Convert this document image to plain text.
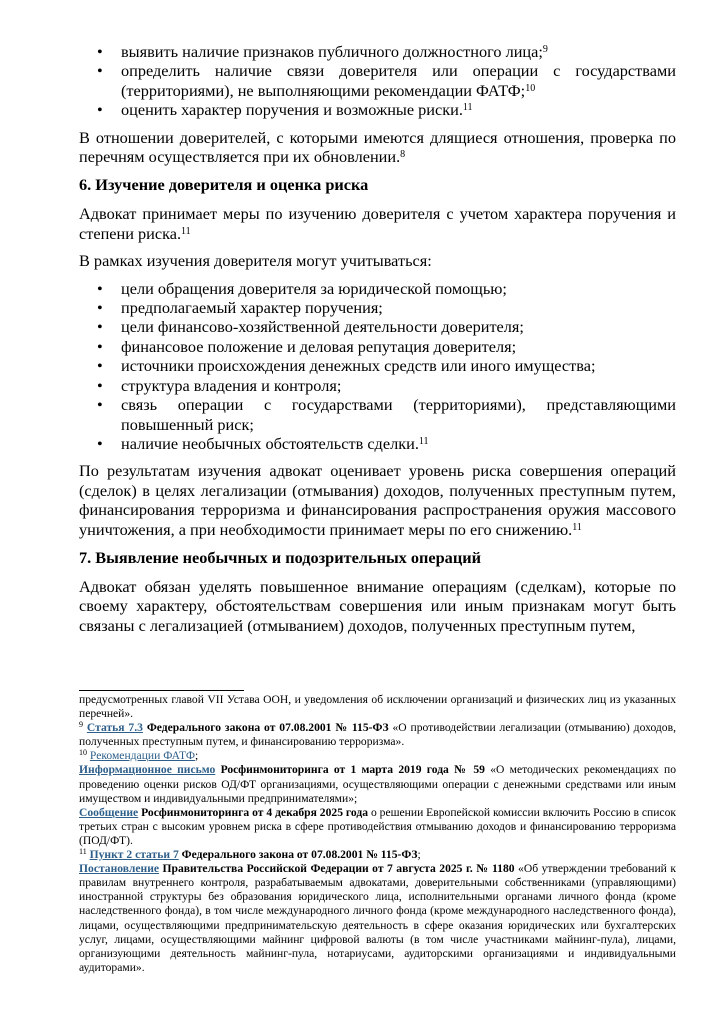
• выявить наличие признаков публичного должностного лица;$^9$
• определить наличие связи доверителя или операции с государствами (территориями), не выполняющими рекомендации ФАТФ;$^{10}$
• оценить характер поручения и возможные риски.$^{11}$

В отношении доверителей, с которыми имеются длящиеся отношения, проверка по перечням осуществляется при их обновлении.$^8$

6. Изучение доверителя и оценка риска

Адвокат принимает меры по изучению доверителя с учетом характера поручения и степени риска.$^{11}$

В рамках изучения доверителя могут учитываться:

• цели обращения доверителя за юридической помощью;
• предполагаемый характер поручения;
• цели финансово-хозяйственной деятельности доверителя;
• финансовое положение и деловая репутация доверителя;
• источники происхождения денежных средств или иного имущества;
• структура владения и контроля;
• связь операции с государствами (территориями), представляющими повышенный риск;
• наличие необычных обстоятельств сделки.$^{11}$

По результатам изучения адвокат оценивает уровень риска совершения операций (сделок) в целях легализации (отмывания) доходов, полученных преступным путем, финансирования терроризма и финансирования распространения оружия массового уничтожения, а при необходимости принимает меры по его снижению.$^{11}$

7. Выявление необычных и подозрительных операций

Адвокат обязан уделять повышенное внимание операциям (сделкам), которые по своему характеру, обстоятельствам совершения или иным признакам могут быть связаны с легализацией (отмыванием) доходов, полученных преступным путем,

предусмотренных главой VII Устава ООН, и уведомления об исключении организаций и физических лиц из указанных перечней».

$^9$ Статья 7.3 Федерального закона от 07.08.2001 № 115-ФЗ «О противодействии легализации (отмыванию) доходов, полученных преступным путем, и финансированию терроризма».

$^{10}$ Рекомендации ФАТФ;

Информационное письмо Росфинмониторинга от 1 марта 2019 года № 59 «О методических рекомендациях по проведению оценки рисков ОД/ФТ организациями, осуществляющими операции с денежными средствами или иным имуществом и индивидуальными предпринимателями»;

Сообщение Росфинмониторинга от 4 декабря 2025 года о решении Европейской комиссии включить Россию в список третьих стран с высоким уровнем риска в сфере противодействия отмыванию доходов и финансированию терроризма (ПОД/ФТ).

$^{11}$ Пункт 2 статьи 7 Федерального закона от 07.08.2001 № 115-ФЗ;

Постановление Правительства Российской Федерации от 7 августа 2025 г. № 1180 «Об утверждении требований к правилам внутреннего контроля, разрабатываемым адвокатами, доверительными собственниками (управляющими) иностранной структуры без образования юридического лица, исполнительными органами личного фонда (кроме наследственного фонда), в том числе международного личного фонда (кроме международного наследственного фонда), лицами, осуществляющими предпринимательскую деятельность в сфере оказания юридических или бухгалтерских услуг, лицами, осуществляющими майнинг цифровой валюты (в том числе участниками майнинг-пула), лицами, организующими деятельность майнинг-пула, нотариусами, аудиторскими организациями и индивидуальными аудиторами».
